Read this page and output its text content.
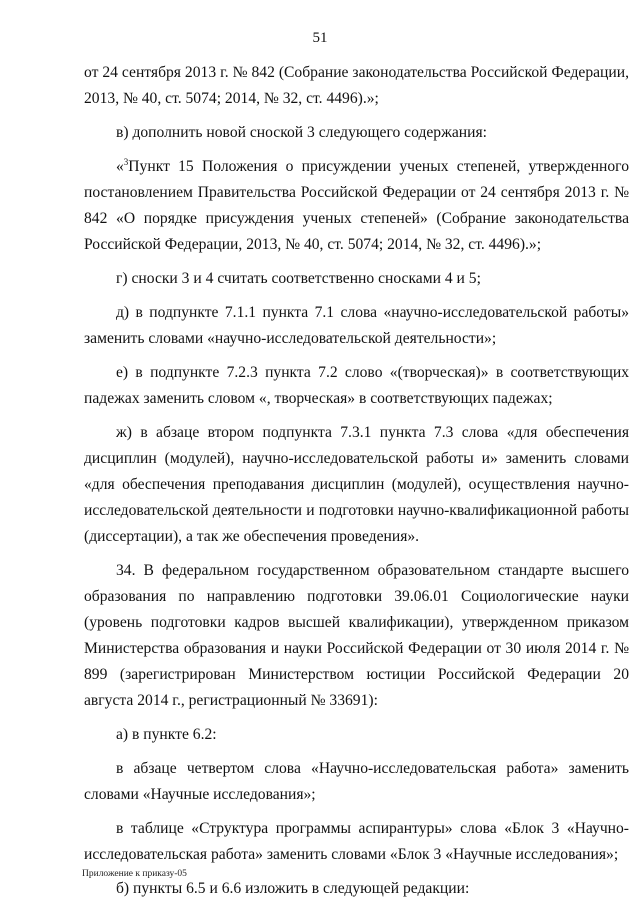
51

от 24 сентября 2013 г. № 842 (Собрание законодательства Российской Федерации, 2013, № 40, ст. 5074; 2014, № 32, ст. 4496).»;

в) дополнить новой сноской 3 следующего содержания:

«$^3$Пункт 15 Положения о присуждении ученых степеней, утвержденного постановлением Правительства Российской Федерации от 24 сентября 2013 г. № 842 «О порядке присуждения ученых степеней» (Собрание законодательства Российской Федерации, 2013, № 40, ст. 5074; 2014, № 32, ст. 4496).»;

г) сноски 3 и 4 считать соответственно сносками 4 и 5;

д) в подпункте 7.1.1 пункта 7.1 слова «научно-исследовательской работы» заменить словами «научно-исследовательской деятельности»;

е) в подпункте 7.2.3 пункта 7.2 слово «(творческая)» в соответствующих падежах заменить словом «, творческая» в соответствующих падежах;

ж) в абзаце втором подпункта 7.3.1 пункта 7.3 слова «для обеспечения дисциплин (модулей), научно-исследовательской работы и» заменить словами «для обеспечения преподавания дисциплин (модулей), осуществления научно-исследовательской деятельности и подготовки научно-квалификационной работы (диссертации), а так же обеспечения проведения».

34. В федеральном государственном образовательном стандарте высшего образования по направлению подготовки 39.06.01 Социологические науки (уровень подготовки кадров высшей квалификации), утвержденном приказом Министерства образования и науки Российской Федерации от 30 июля 2014 г. № 899 (зарегистрирован Министерством юстиции Российской Федерации 20 августа 2014 г., регистрационный № 33691):

а) в пункте 6.2:

в абзаце четвертом слова «Научно-исследовательская работа» заменить словами «Научные исследования»;

в таблице «Структура программы аспирантуры» слова «Блок 3 «Научно-исследовательская работа» заменить словами «Блок 3 «Научные исследования»;

б) пункты 6.5 и 6.6 изложить в следующей редакции:

Приложение к приказу-05
